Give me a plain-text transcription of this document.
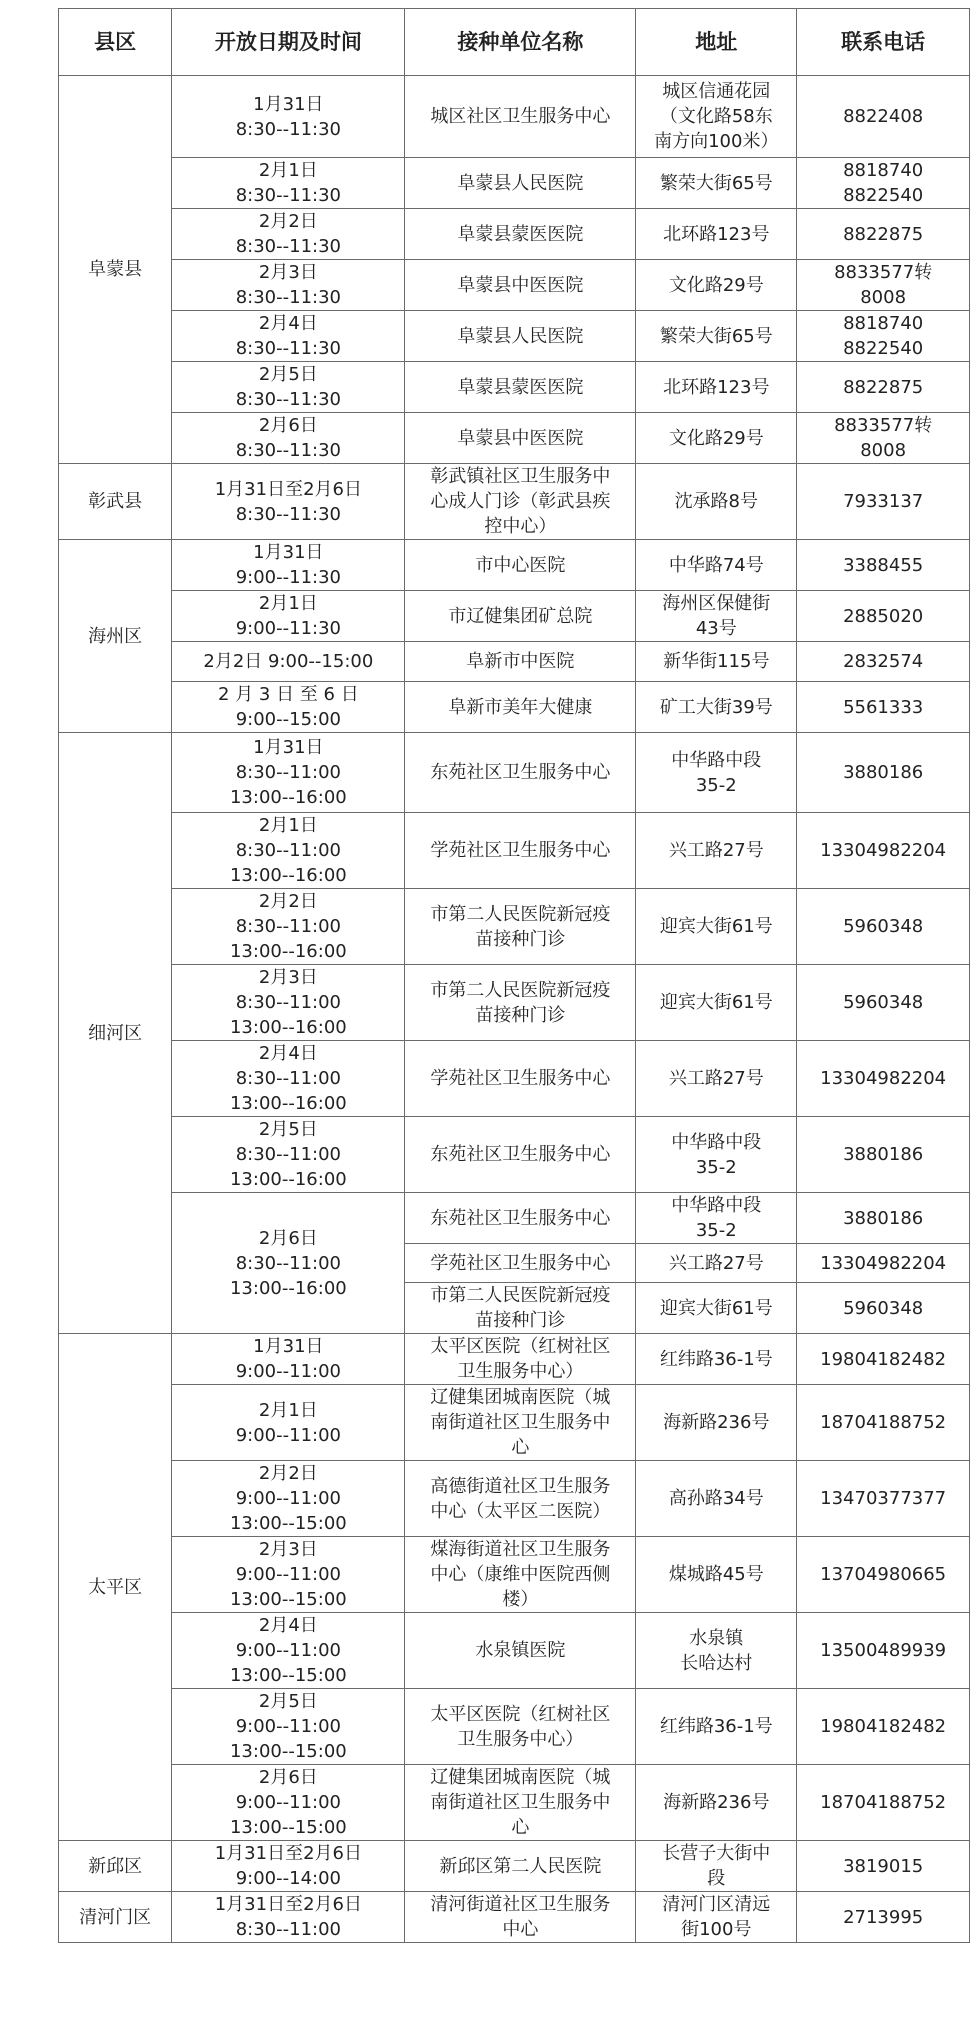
县区	开放日期及时间	接种单位名称	地址	联系电话

阜蒙县	1月31日
8:30--11:30	城区社区卫生服务中心	城区信通花园
（文化路58东
南方向100米）	8822408

	2月1日
8:30--11:30	阜蒙县人民医院	繁荣大街65号	8818740
8822540

	2月2日
8:30--11:30	阜蒙县蒙医医院	北环路123号	8822875

	2月3日
8:30--11:30	阜蒙县中医医院	文化路29号	8833577转
8008

	2月4日
8:30--11:30	阜蒙县人民医院	繁荣大街65号	8818740
8822540

	2月5日
8:30--11:30	阜蒙县蒙医医院	北环路123号	8822875

	2月6日
8:30--11:30	阜蒙县中医医院	文化路29号	8833577转
8008

彰武县	1月31日至2月6日
8:30--11:30	彰武镇社区卫生服务中
心成人门诊（彰武县疾
控中心）	沈承路8号	7933137

海州区	1月31日
9:00--11:30	市中心医院	中华路74号	3388455

	2月1日
9:00--11:30	市辽健集团矿总院	海州区保健街
43号	2885020

	2月2日 9:00--15:00	阜新市中医院	新华街115号	2832574

	2 月 3 日 至 6 日
9:00--15:00	阜新市美年大健康	矿工大街39号	5561333

细河区	1月31日
8:30--11:00
13:00--16:00	东苑社区卫生服务中心	中华路中段
35-2	3880186

	2月1日
8:30--11:00
13:00--16:00	学苑社区卫生服务中心	兴工路27号	13304982204

	2月2日
8:30--11:00
13:00--16:00	市第二人民医院新冠疫
苗接种门诊	迎宾大街61号	5960348

	2月3日
8:30--11:00
13:00--16:00	市第二人民医院新冠疫
苗接种门诊	迎宾大街61号	5960348

	2月4日
8:30--11:00
13:00--16:00	学苑社区卫生服务中心	兴工路27号	13304982204

	2月5日
8:30--11:00
13:00--16:00	东苑社区卫生服务中心	中华路中段
35-2	3880186

	2月6日
8:30--11:00
13:00--16:00	东苑社区卫生服务中心	中华路中段
35-2	3880186

		学苑社区卫生服务中心	兴工路27号	13304982204

		市第二人民医院新冠疫
苗接种门诊	迎宾大街61号	5960348

太平区	1月31日
9:00--11:00	太平区医院（红树社区
卫生服务中心）	红纬路36-1号	19804182482

	2月1日
9:00--11:00	辽健集团城南医院（城
南街道社区卫生服务中
心	海新路236号	18704188752

	2月2日
9:00--11:00
13:00--15:00	高德街道社区卫生服务
中心（太平区二医院）	高孙路34号	13470377377

	2月3日
9:00--11:00
13:00--15:00	煤海街道社区卫生服务
中心（康维中医院西侧
楼）	煤城路45号	13704980665

	2月4日
9:00--11:00
13:00--15:00	水泉镇医院	水泉镇
长哈达村	13500489939

	2月5日
9:00--11:00
13:00--15:00	太平区医院（红树社区
卫生服务中心）	红纬路36-1号	19804182482

	2月6日
9:00--11:00
13:00--15:00	辽健集团城南医院（城
南街道社区卫生服务中
心	海新路236号	18704188752

新邱区	1月31日至2月6日
9:00--14:00	新邱区第二人民医院	长营子大街中
段	3819015

清河门区	1月31日至2月6日
8:30--11:00	清河街道社区卫生服务
中心	清河门区清远
街100号	2713995
